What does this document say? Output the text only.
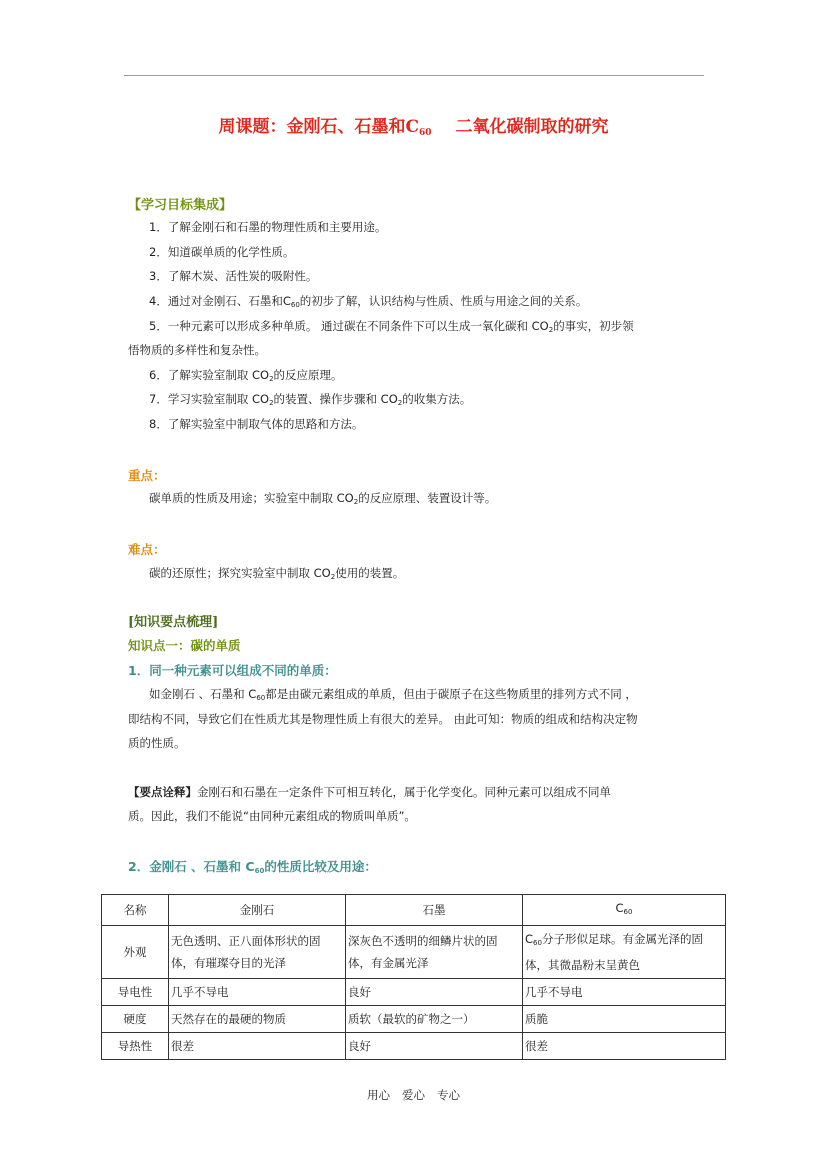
周课题：金刚石、石墨和$C_{60}$ 二氧化碳制取的研究
【学习目标集成】
1．了解金刚石和石墨的物理性质和主要用途。
2．知道碳单质的化学性质。
3．了解木炭、活性炭的吸附性。
4．通过对金刚石、石墨和C60的初步了解，认识结构与性质、性质与用途之间的关系。
5．一种元素可以形成多种单质。 通过碳在不同条件下可以生成一氧化碳和 CO2的事实，初步领
悟物质的多样性和复杂性。
6．了解实验室制取 CO2的反应原理。
7．学习实验室制取 CO2的装置、操作步骤和 CO2的收集方法。
8．了解实验室中制取气体的思路和方法。
重点：
碳单质的性质及用途；实验室中制取 CO2的反应原理、装置设计等。
难点：
碳的还原性；探究实验室中制取 CO2使用的装置。
[知识要点梳理]
知识点一：碳的单质
1．同一种元素可以组成不同的单质：
如金刚石 、石墨和 C60都是由碳元素组成的单质，但由于碳原子在这些物质里的排列方式不同 ，
即结构不同，导致它们在性质尤其是物理性质上有很大的差异。 由此可知：物质的组成和结构决定物
质的性质。
【要点诠释】金刚石和石墨在一定条件下可相互转化，属于化学变化。同种元素可以组成不同单
质。因此，我们不能说“由同种元素组成的物质叫单质”。
2．金刚石 、石墨和 C60的性质比较及用途：
名称	金刚石	石墨	C60
外观	无色透明、正八面体形状的固体，有璀璨夺目的光泽	深灰色不透明的细鳞片状的固体，有金属光泽	C60分子形似足球。有金属光泽的固体，其微晶粉末呈黄色
导电性	几乎不导电	良好	几乎不导电
硬度	天然存在的最硬的物质	质软（最软的矿物之一）	质脆
导热性	很差	良好	很差
用心 爱心 专心
